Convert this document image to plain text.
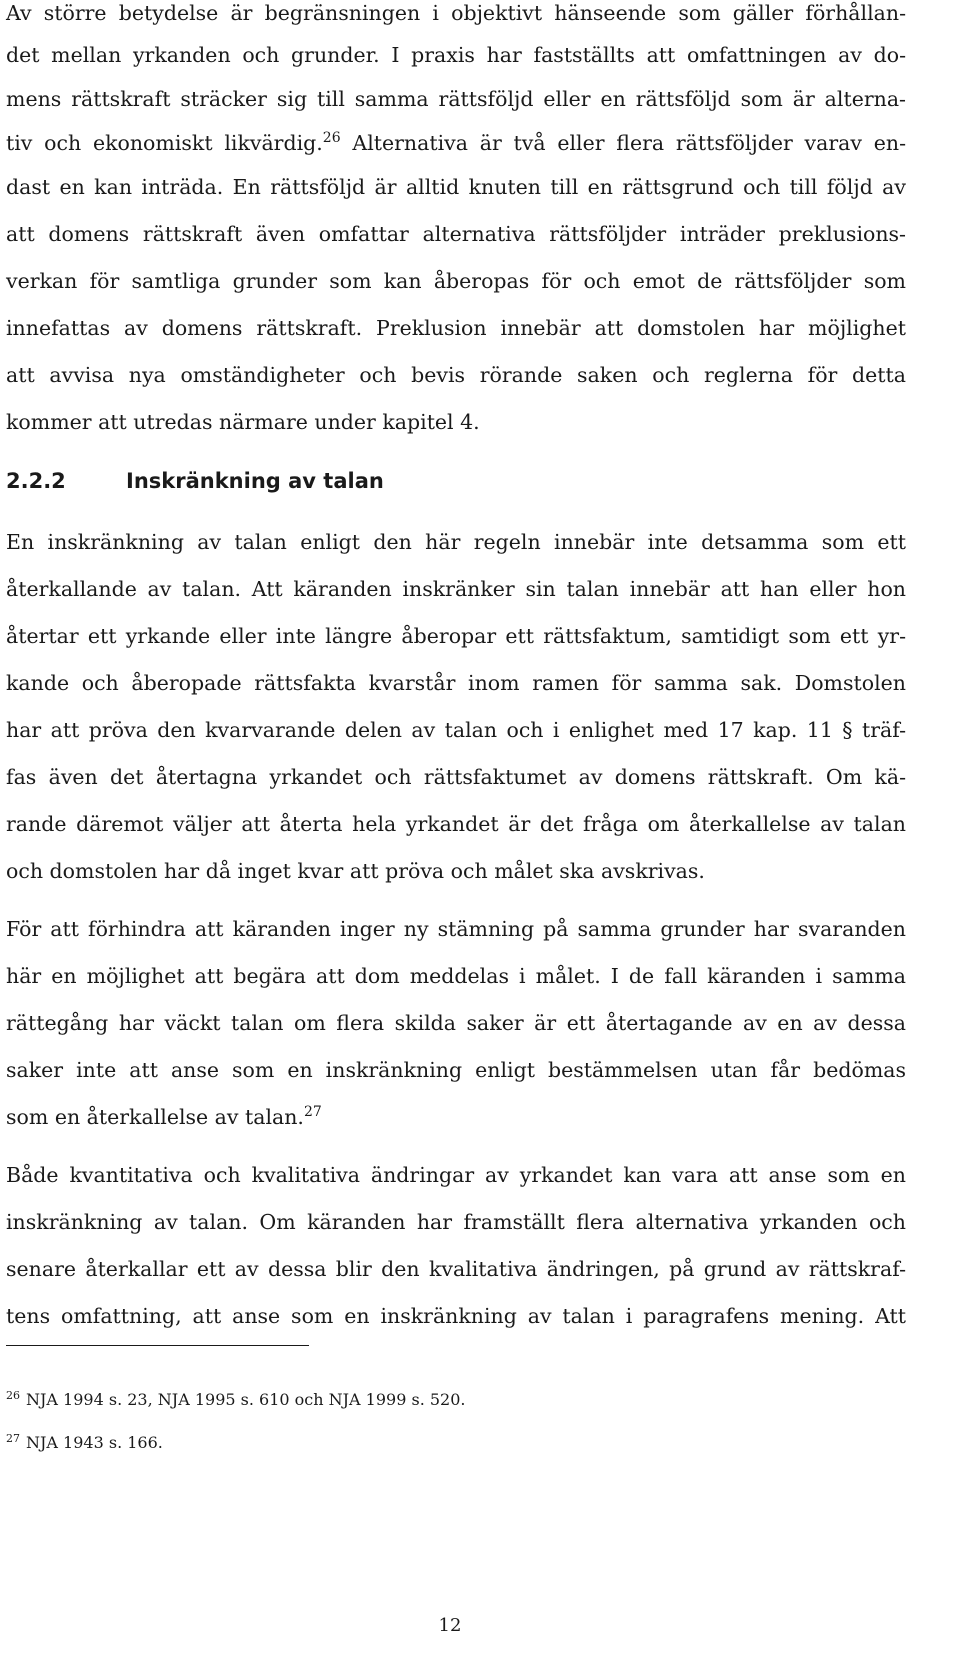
Av större betydelse är begränsningen i objektivt hänseende som gäller förhållan-

det mellan yrkanden och grunder. I praxis har fastställts att omfattningen av do-

mens rättskraft sträcker sig till samma rättsföljd eller en rättsföljd som är alterna-

tiv och ekonomiskt likvärdig.$^{26}$ Alternativa är två eller flera rättsföljder varav en-

dast en kan inträda. En rättsföljd är alltid knuten till en rättsgrund och till följd av

att domens rättskraft även omfattar alternativa rättsföljder inträder preklusions-

verkan för samtliga grunder som kan åberopas för och emot de rättsföljder som

innefattas av domens rättskraft. Preklusion innebär att domstolen har möjlighet

att avvisa nya omständigheter och bevis rörande saken och reglerna för detta

kommer att utredas närmare under kapitel 4.

2.2.2	Inskränkning av talan

En inskränkning av talan enligt den här regeln innebär inte detsamma som ett

återkallande av talan. Att käranden inskränker sin talan innebär att han eller hon

återtar ett yrkande eller inte längre åberopar ett rättsfaktum, samtidigt som ett yr-

kande och åberopade rättsfakta kvarstår inom ramen för samma sak. Domstolen

har att pröva den kvarvarande delen av talan och i enlighet med 17 kap. 11 § träf-

fas även det återtagna yrkandet och rättsfaktumet av domens rättskraft. Om kä-

rande däremot väljer att återta hela yrkandet är det fråga om återkallelse av talan

och domstolen har då inget kvar att pröva och målet ska avskrivas.

För att förhindra att käranden inger ny stämning på samma grunder har svaranden

här en möjlighet att begära att dom meddelas i målet. I de fall käranden i samma

rättegång har väckt talan om flera skilda saker är ett återtagande av en av dessa

saker inte att anse som en inskränkning enligt bestämmelsen utan får bedömas

som en återkallelse av talan.$^{27}$

Både kvantitativa och kvalitativa ändringar av yrkandet kan vara att anse som en

inskränkning av talan. Om käranden har framställt flera alternativa yrkanden och

senare återkallar ett av dessa blir den kvalitativa ändringen, på grund av rättskraf-

tens omfattning, att anse som en inskränkning av talan i paragrafens mening. Att

$^{26}$ NJA 1994 s. 23, NJA 1995 s. 610 och NJA 1999 s. 520.

$^{27}$ NJA 1943 s. 166.

12
